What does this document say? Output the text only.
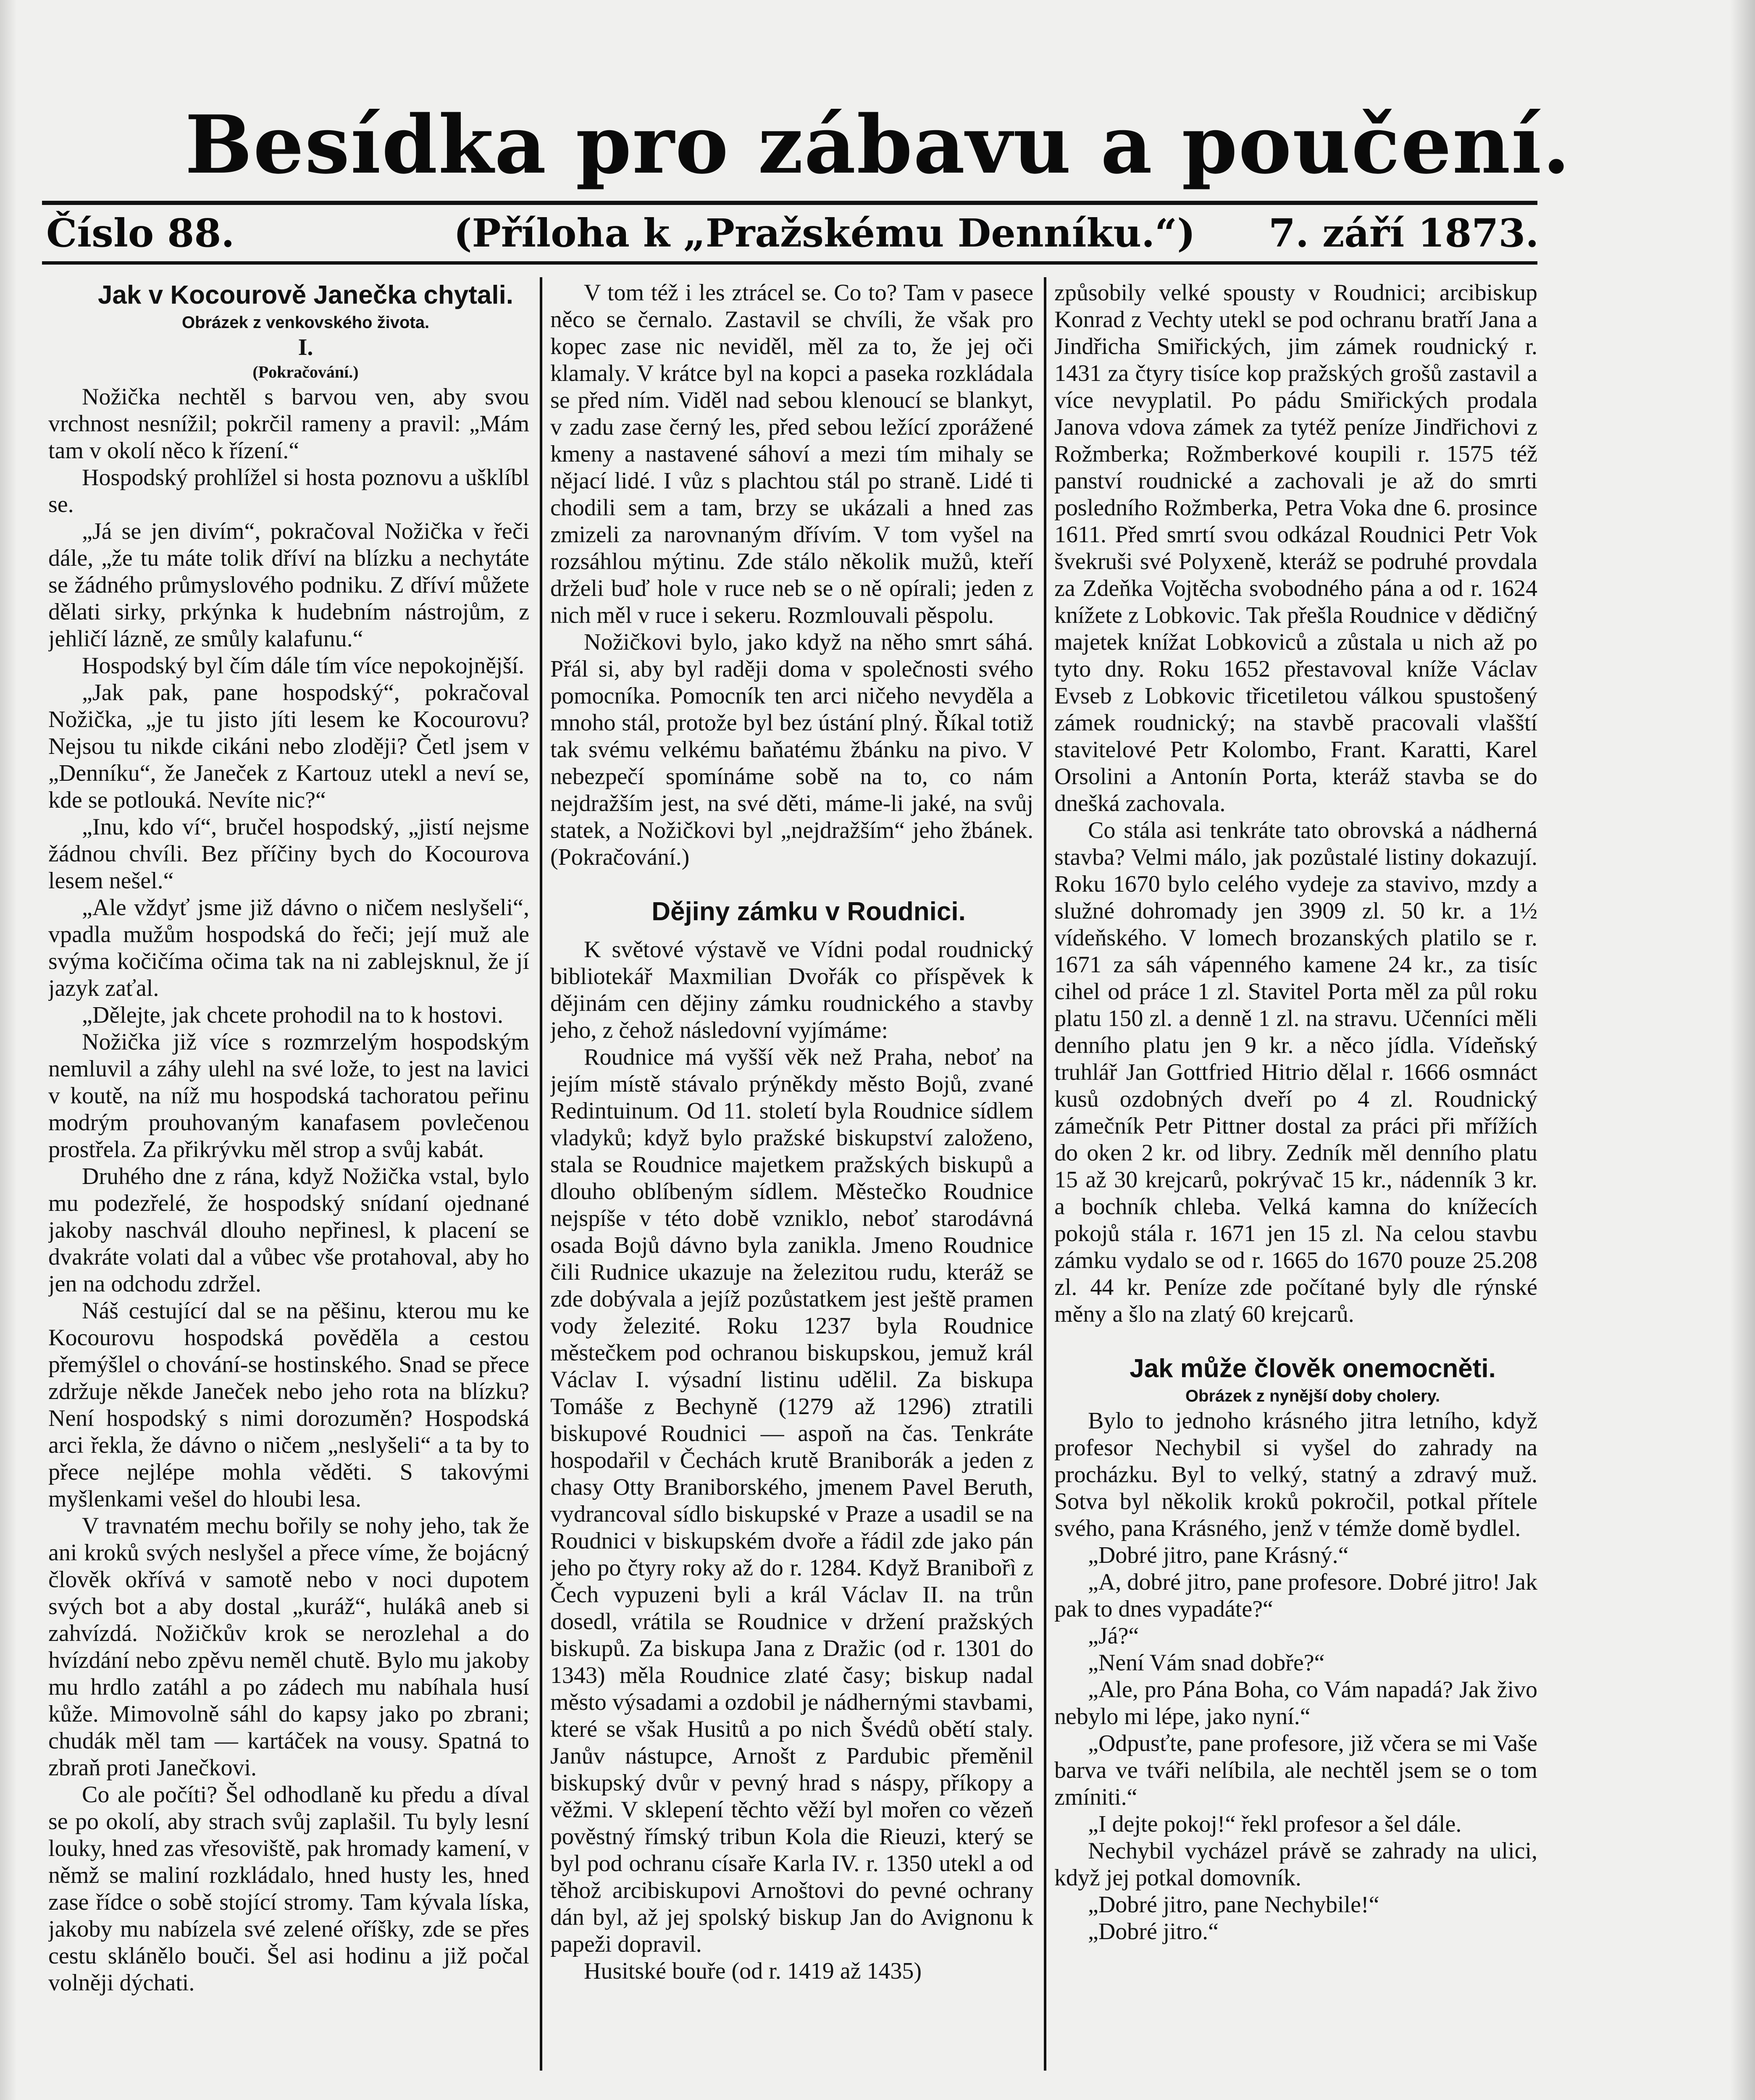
Besídka pro zábavu a poučení.
Číslo 88.	(Příloha k „Pražskému Denníku.“) 7. září 1873.

Jak v Kocourově Janečka chytali.

Obrázek z venkovského života.

I.

(Pokračování.)

Nožička nechtěl s barvou ven, aby svou vrchnost nesnížil; pokrčil rameny a pravil: „Mám tam v okolí něco k řízení.“

Hospodský prohlížel si hosta poznovu a ušklíbl se.

„Já se jen divím“, pokračoval Nožička v řeči dále, „že tu máte tolik dříví na blízku a nechytáte se žádného průmyslového podniku. Z dříví můžete dělati sirky, prkýnka k hudebním nástrojům, z jehličí lázně, ze smůly kalafunu.“

Hospodský byl čím dále tím více nepokojnější.

„Jak pak, pane hospodský“, pokračoval Nožička, „je tu jisto jíti lesem ke Kocourovu? Nejsou tu nikde cikáni nebo zloději? Četl jsem v „Denníku“, že Janeček z Kartouz utekl a neví se, kde se potlouká. Nevíte nic?“

„Inu, kdo ví“, bručel hospodský, „jistí nejsme žádnou chvíli. Bez příčiny bych do Kocourova lesem nešel.“

„Ale vždyť jsme již dávno o ničem neslyšeli“, vpadla mužům hospodská do řeči; její muž ale svýma kočičíma očima tak na ni zablejsknul, že jí jazyk zaťal.

„Dělejte, jak chcete prohodil na to k hostovi.

Nožička již více s rozmrzelým hospodským nemluvil a záhy ulehl na své lože, to jest na lavici v koutě, na níž mu hospodská tachoratou peřinu modrým prouhovaným kanafasem povlečenou prostřela. Za přikrývku měl strop a svůj kabát.

Druhého dne z rána, když Nožička vstal, bylo mu podezřelé, že hospodský snídaní ojednané jakoby naschvál dlouho nepřinesl, k placení se dvakráte volati dal a vůbec vše protahoval, aby ho jen na odchodu zdržel.

Náš cestující dal se na pěšinu, kterou mu ke Kocourovu hospodská pověděla a cestou přemýšlel o chování-se hostinského. Snad se přece zdržuje někde Janeček nebo jeho rota na blízku? Není hospodský s nimi dorozuměn? Hospodská arci řekla, že dávno o ničem „neslyšeli“ a ta by to přece nejlépe mohla věděti. S takovými myšlenkami vešel do hloubi lesa.

V travnatém mechu bořily se nohy jeho, tak že ani kroků svých neslyšel a přece víme, že bojácný člověk okřívá v samotě nebo v noci dupotem svých bot a aby dostal „kuráž“, hulákâ aneb si zahvízdá. Nožičkův krok se nerozlehal a do hvízdání nebo zpěvu neměl chutě. Bylo mu jakoby mu hrdlo zatáhl a po zádech mu nabíhala husí kůže. Mimovolně sáhl do kapsy jako po zbrani; chudák měl tam — kartáček na vousy. Spatná to zbraň proti Janečkovi.

Co ale počíti? Šel odhodlaně ku předu a díval se po okolí, aby strach svůj zaplašil. Tu byly lesní louky, hned zas vřesoviště, pak hromady kamení, v němž se maliní rozkládalo, hned husty les, hned zase řídce o sobě stojící stromy. Tam kývala líska, jakoby mu nabízela své zelené oříšky, zde se přes cestu sklánělo bouči. Šel asi hodinu a již počal volněji dýchati.

V tom též i les ztrácel se. Co to? Tam v pasece něco se černalo. Zastavil se chvíli, že však pro kopec zase nic neviděl, měl za to, že jej oči klamaly. V krátce byl na kopci a paseka rozkládala se před ním. Viděl nad sebou klenoucí se blankyt, v zadu zase černý les, před sebou ležící zporážené kmeny a nastavené sáhoví a mezi tím mihaly se nějací lidé. I vůz s plachtou stál po straně. Lidé ti chodili sem a tam, brzy se ukázali a hned zas zmizeli za narovnaným dřívím. V tom vyšel na rozsáhlou mýtinu. Zde stálo několik mužů, kteří drželi buď hole v ruce neb se o ně opírali; jeden z nich měl v ruce i sekeru. Rozmlouvali pěspolu.

Nožičkovi bylo, jako když na něho smrt sáhá. Přál si, aby byl raději doma v společnosti svého pomocníka. Pomocník ten arci ničeho nevyděla a mnoho stál, protože byl bez ústání plný. Říkal totiž tak svému velkému baňatému žbánku na pivo. V nebezpečí spomínáme sobě na to, co nám nejdražším jest, na své děti, máme-li jaké, na svůj statek, a Nožičkovi byl „nejdražším“ jeho žbánek. (Pokračování.)

Dějiny zámku v Roudnici.

K světové výstavě ve Vídni podal roudnický bibliotekář Maxmilian Dvořák co příspěvek k dějinám cen dějiny zámku roudnického a stavby jeho, z čehož následovní vyjímáme:

Roudnice má vyšší věk než Praha, neboť na jejím místě stávalo prýněkdy město Bojů, zvané Redintuinum. Od 11. století byla Roudnice sídlem vladyků; když bylo pražské biskupství založeno, stala se Roudnice majetkem pražských biskupů a dlouho oblíbeným sídlem. Městečko Roudnice nejspíše v této době vzniklo, neboť starodávná osada Bojů dávno byla zanikla. Jmeno Roudnice čili Rudnice ukazuje na železitou rudu, kteráž se zde dobývala a jejíž pozůstatkem jest ještě pramen vody železité. Roku 1237 byla Roudnice městečkem pod ochranou biskupskou, jemuž král Václav I. výsadní listinu udělil. Za biskupa Tomáše z Bechyně (1279 až 1296) ztratili biskupové Roudnici — aspoň na čas. Tenkráte hospodařil v Čechách krutě Braniborák a jeden z chasy Otty Braniborského, jmenem Pavel Beruth, vydrancoval sídlo biskupské v Praze a usadil se na Roudnici v biskupském dvoře a řádil zde jako pán jeho po čtyry roky až do r. 1284. Když Branibořì z Čech vypuzeni byli a král Václav II. na trůn dosedl, vrátila se Roudnice v držení pražských biskupů. Za biskupa Jana z Dražic (od r. 1301 do 1343) měla Roudnice zlaté časy; biskup nadal město výsadami a ozdobil je nádhernými stavbami, které se však Husitů a po nich Švédů obětí staly. Janův nástupce, Arnošt z Pardubic přeměnil biskupský dvůr v pevný hrad s náspy, příkopy a věžmi. V sklepení těchto věží byl mořen co vězeň pověstný římský tribun Kola die Rieuzi, který se byl pod ochranu císaře Karla IV. r. 1350 utekl a od těhož arcibiskupovi Arnoštovi do pevné ochrany dán byl, až jej spolský biskup Jan do Avignonu k papeži dopravil.

Husitské bouře (od r. 1419 až 1435)

způsobily velké spousty v Roudnici; arcibiskup Konrad z Vechty utekl se pod ochranu bratří Jana a Jindřicha Smiřických, jim zámek roudnický r. 1431 za čtyry tisíce kop pražských grošů zastavil a více nevyplatil. Po pádu Smiřických prodala Janova vdova zámek za tytéž peníze Jindřichovi z Rožmberka; Rožmberkové koupili r. 1575 též panství roudnické a zachovali je až do smrti posledního Rožmberka, Petra Voka dne 6. prosince 1611. Před smrtí svou odkázal Roudnici Petr Vok švekruši své Polyxeně, kteráž se podruhé provdala za Zdeňka Vojtěcha svobodného pána a od r. 1624 knížete z Lobkovic. Tak přešla Roudnice v dědičný majetek knížat Lobkoviců a zůstala u nich až po tyto dny. Roku 1652 přestavoval kníže Václav Evseb z Lobkovic třicetiletou válkou spustošený zámek roudnický; na stavbě pracovali vlašští stavitelové Petr Kolombo, Frant. Karatti, Karel Orsolini a Antonín Porta, kteráž stavba se do dnešká zachovala.

Co stála asi tenkráte tato obrovská a nádherná stavba? Velmi málo, jak pozůstalé listiny dokazují. Roku 1670 bylo celého vydeje za stavivo, mzdy a služné dohromady jen 3909 zl. 50 kr. a 1½ vídeňského. V lomech brozanských platilo se r. 1671 za sáh vápenného kamene 24 kr., za tisíc cihel od práce 1 zl. Stavitel Porta měl za půl roku platu 150 zl. a denně 1 zl. na stravu. Učenníci měli denního platu jen 9 kr. a něco jídla. Vídeňský truhlář Jan Gottfried Hitrio dělal r. 1666 osmnáct kusů ozdobných dveří po 4 zl. Roudnický zámečník Petr Pittner dostal za práci při mřížích do oken 2 kr. od libry. Zedník měl denního platu 15 až 30 krejcarů, pokrývač 15 kr., nádenník 3 kr. a bochník chleba. Velká kamna do knížecích pokojů stála r. 1671 jen 15 zl. Na celou stavbu zámku vydalo se od r. 1665 do 1670 pouze 25.208 zl. 44 kr. Peníze zde počítané byly dle rýnské měny a šlo na zlatý 60 krejcarů.

Jak může člověk onemocněti.

Obrázek z nynější doby cholery.

Bylo to jednoho krásného jitra letního, když profesor Nechybil si vyšel do zahrady na procházku. Byl to velký, statný a zdravý muž. Sotva byl několik kroků pokročil, potkal přítele svého, pana Krásného, jenž v témže domě bydlel.

„Dobré jitro, pane Krásný.“

„A, dobré jitro, pane profesore. Dobré jitro! Jak pak to dnes vypadáte?“

„Já?“

„Není Vám snad dobře?“

„Ale, pro Pána Boha, co Vám napadá? Jak živo nebylo mi lépe, jako nyní.“

„Odpusťte, pane profesore, již včera se mi Vaše barva ve tváři nelíbila, ale nechtěl jsem se o tom zmíniti.“

„I dejte pokoj!“ řekl profesor a šel dále.

Nechybil vycházel právě se zahrady na ulici, když jej potkal domovník.

„Dobré jitro, pane Nechybile!“

„Dobré jitro.“
